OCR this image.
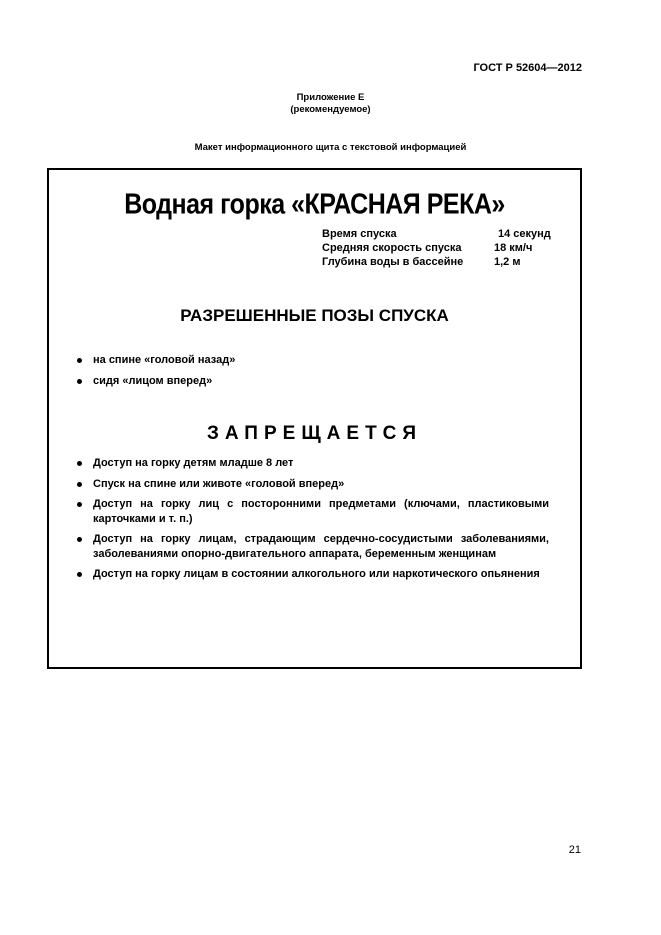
ГОСТ Р 52604—2012
Приложение Е
(рекомендуемое)
Макет информационного щита с текстовой информацией
Водная горка «КРАСНАЯ РЕКА»
Время спуска	14 секунд
Средняя скорость спуска	18 км/ч
Глубина воды в бассейне	1,2 м
РАЗРЕШЕННЫЕ ПОЗЫ СПУСКА
на спине «головой назад»
сидя «лицом вперед»
ЗАПРЕЩАЕТСЯ
Доступ на горку детям младше 8 лет
Спуск на спине или животе «головой вперед»
Доступ на горку лиц с посторонними предметами (ключами, пластиковыми карточками и т. п.)
Доступ на горку лицам, страдающим сердечно-сосудистыми заболеваниями, заболеваниями опорно-двигательного аппарата, беременным женщинам
Доступ на горку лицам в состоянии алкогольного или наркотического опьянения
21
